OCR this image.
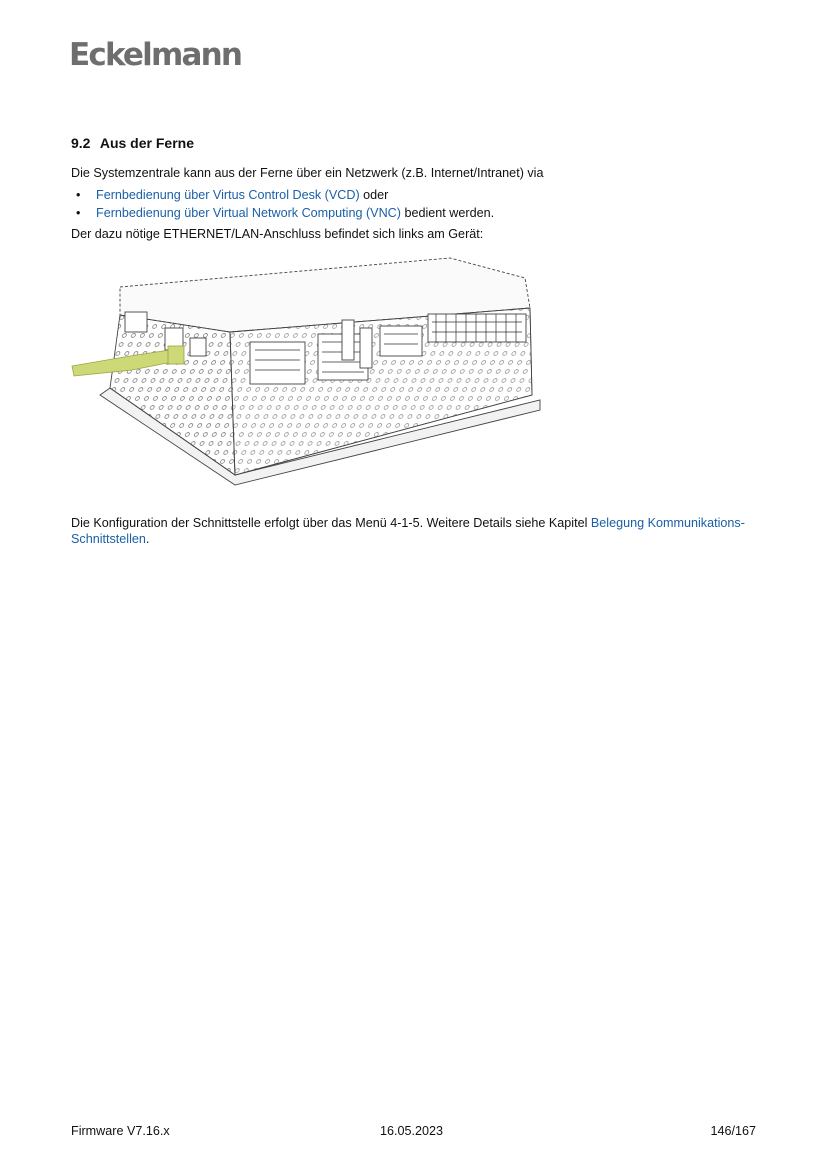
Eckelmann
9.2 Aus der Ferne

Die Systemzentrale kann aus der Ferne über ein Netzwerk (z.B. Internet/Intranet) via

• Fernbedienung über Virtus Control Desk (VCD) oder
• Fernbedienung über Virtual Network Computing (VNC) bedient werden.

Der dazu nötige ETHERNET/LAN-Anschluss befindet sich links am Gerät:

Die Konfiguration der Schnittstelle erfolgt über das Menü 4-1-5. Weitere Details siehe Kapitel Belegung Kommunikations-Schnittstellen.

Firmware V7.16.x	16.05.2023	146/167
